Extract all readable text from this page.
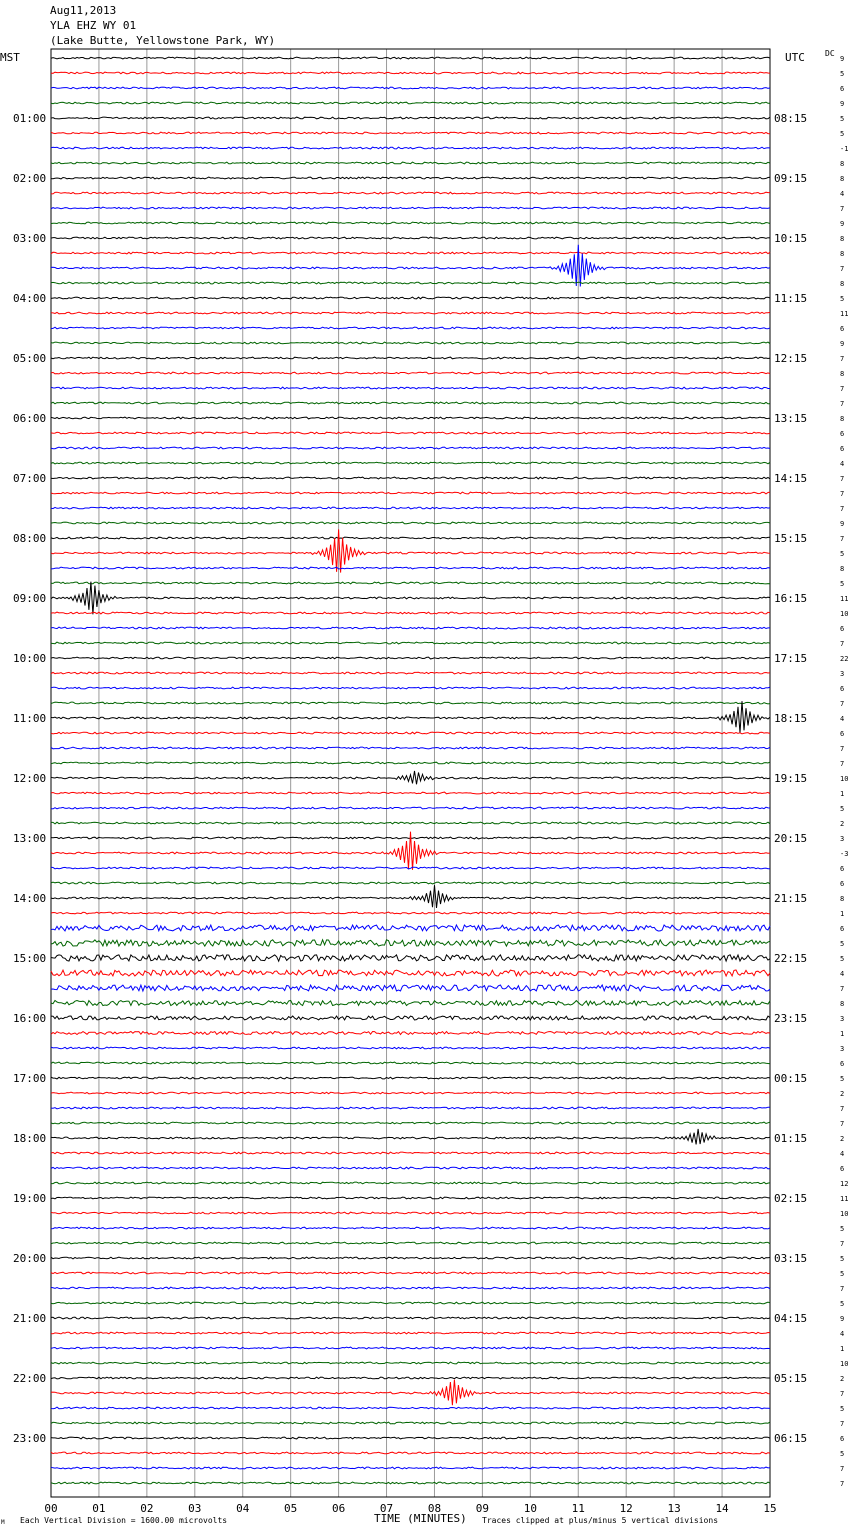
Aug11,2013
YLA EHZ WY 01
(Lake Butte, Yellowstone Park, WY)
MST	UTC	DC
9
5
6
9
5
5
-1
8
8
4
7
9
8
8
7
8
5
11
6
9
7
8
7
7
8
6
6
4
7
7
7
9
7
5
8
5
11
10
6
7
22
3
6
7
4
6
7
7
10
1
5
2
3
-3
6
6
8
1
6
5
5
4
7
8
3
1
3
6
5
2
7
7
2
4
6
12
11
10
5
7
5
5
7
5
9
4
1
10
2
7
5
7
6
5
7
7
01:00
02:00
03:00
04:00
05:00
06:00
07:00
08:00
09:00
10:00
11:00
12:00
13:00
14:00
15:00
16:00
17:00
18:00
19:00
20:00
21:00
22:00
23:00
08:15
09:15
10:15
11:15
12:15
13:15
14:15
15:15
16:15
17:15
18:15
19:15
20:15
21:15
22:15
23:15
00:15
01:15
02:15
03:15
04:15
05:15
06:15
00	01	02	03	04	05	06	07	08	09	10	11	12	13	14	15
TIME (MINUTES)
Each Vertical Division = 1600.00 microvolts	Traces clipped at plus/minus 5 vertical divisions
M
